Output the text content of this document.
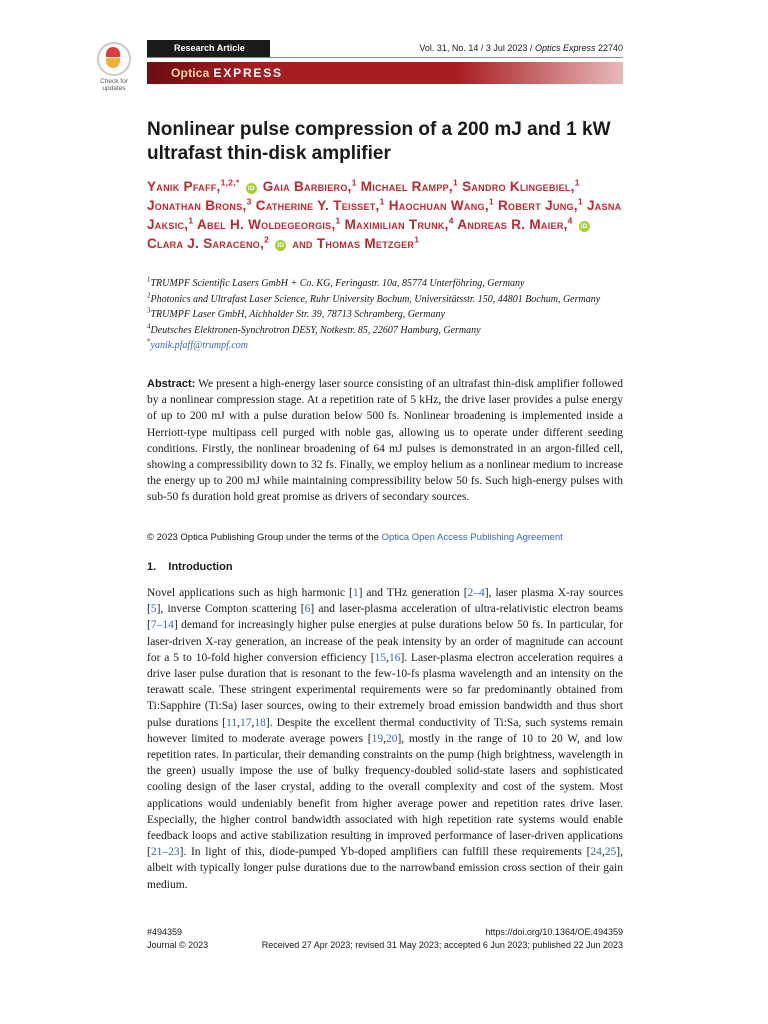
Check for
updates
Research Article	Vol. 31, No. 14 / 3 Jul 2023 / Optics Express 22740
Optica EXPRESS
Nonlinear pulse compression of a 200 mJ and 1 kW ultrafast thin-disk amplifier
Yanik Pfaff,$^{1,2,*}$ iD Gaia Barbiero,$^1$ Michael Rampp,$^1$ Sandro Klingebiel,$^1$ Jonathan Brons,$^3$ Catherine Y. Teisset,$^1$ Haochuan Wang,$^1$ Robert Jung,$^1$ Jasna Jaksic,$^1$ Abel H. Woldegeorgis,$^1$ Maximilian Trunk,$^4$ Andreas R. Maier,$^4$ iD Clara J. Saraceno,$^2$ iD and Thomas Metzger$^1$
$^1$TRUMPF Scientific Lasers GmbH + Co. KG, Feringastr. 10a, 85774 Unterföhring, Germany
$^2$Photonics and Ultrafast Laser Science, Ruhr University Bochum, Universitätsstr. 150, 44801 Bochum, Germany
$^3$TRUMPF Laser GmbH, Aichhalder Str. 39, 78713 Schramberg, Germany
$^4$Deutsches Elektronen-Synchrotron DESY, Notkestr. 85, 22607 Hamburg, Germany
*yanik.pfaff@trumpf.com

Abstract: We present a high-energy laser source consisting of an ultrafast thin-disk amplifier followed by a nonlinear compression stage. At a repetition rate of 5 kHz, the drive laser provides a pulse energy of up to 200 mJ with a pulse duration below 500 fs. Nonlinear broadening is implemented inside a Herriott-type multipass cell purged with noble gas, allowing us to operate under different seeding conditions. Firstly, the nonlinear broadening of 64 mJ pulses is demonstrated in an argon-filled cell, showing a compressibility down to 32 fs. Finally, we employ helium as a nonlinear medium to increase the energy up to 200 mJ while maintaining compressibility below 50 fs. Such high-energy pulses with sub-50 fs duration hold great promise as drivers of secondary sources.

© 2023 Optica Publishing Group under the terms of the Optica Open Access Publishing Agreement
1.    Introduction

Novel applications such as high harmonic [1] and THz generation [2–4], laser plasma X-ray sources [5], inverse Compton scattering [6] and laser-plasma acceleration of ultra-relativistic electron beams [7–14] demand for increasingly higher pulse energies at pulse durations below 50 fs. In particular, for laser-driven X-ray generation, an increase of the peak intensity by an order of magnitude can account for a 5 to 10-fold higher conversion efficiency [15,16]. Laser-plasma electron acceleration requires a drive laser pulse duration that is resonant to the few-10-fs plasma wavelength and an intensity on the terawatt scale. These stringent experimental requirements were so far predominantly obtained from Ti:Sapphire (Ti:Sa) laser sources, owing to their extremely broad emission bandwidth and thus short pulse durations [11,17,18]. Despite the excellent thermal conductivity of Ti:Sa, such systems remain however limited to moderate average powers [19,20], mostly in the range of 10 to 20 W, and low repetition rates. In particular, their demanding constraints on the pump (high brightness, wavelength in the green) usually impose the use of bulky frequency-doubled solid-state lasers and sophisticated cooling design of the laser crystal, adding to the overall complexity and cost of the system. Most applications would undeniably benefit from higher average power and repetition rates drive laser. Especially, the higher control bandwidth associated with high repetition rate systems would enable feedback loops and active stabilization resulting in improved performance of laser-driven applications [21–23]. In light of this, diode-pumped Yb-doped amplifiers can fulfill these requirements [24,25], albeit with typically longer pulse durations due to the narrowband emission cross section of their gain medium.

#494359
Journal © 2023
https://doi.org/10.1364/OE.494359
Received 27 Apr 2023; revised 31 May 2023; accepted 6 Jun 2023; published 22 Jun 2023
